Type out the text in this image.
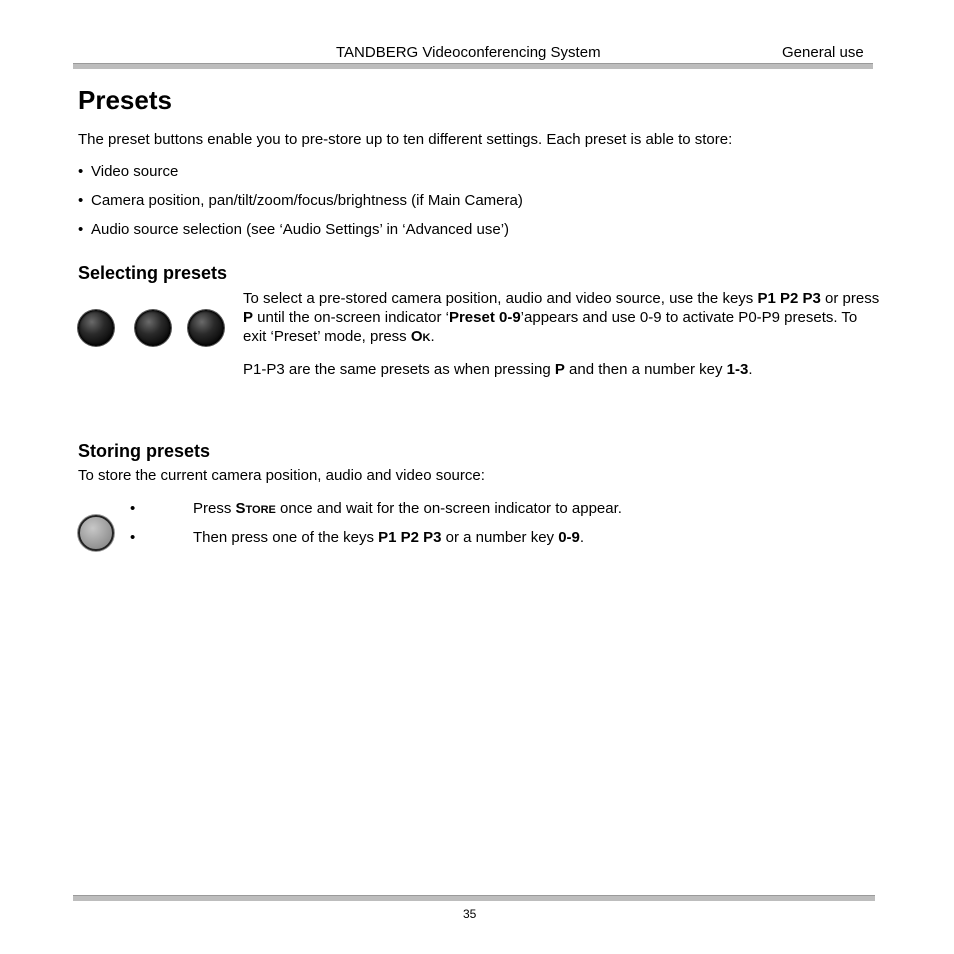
TANDBERG Videoconferencing System	General use
Presets

The preset buttons enable you to pre-store up to ten different settings. Each preset is able to store:

• Video source
• Camera position, pan/tilt/zoom/focus/brightness (if Main Camera)
• Audio source selection (see ‘Audio Settings’ in ‘Advanced use’)
Selecting presets

To select a pre-stored camera position, audio and video source, use the keys P1 P2 P3 or press P until the on-screen indicator ‘Preset 0-9’appears and use 0-9 to activate P0-P9 presets. To exit ‘Preset’ mode, press Ok.

P1-P3 are the same presets as when pressing P and then a number key 1-3.

Storing presets

To store the current camera position, audio and video source:

•	Press Store once and wait for the on-screen indicator to appear.
•	Then press one of the keys P1 P2 P3 or a number key 0-9.
35
